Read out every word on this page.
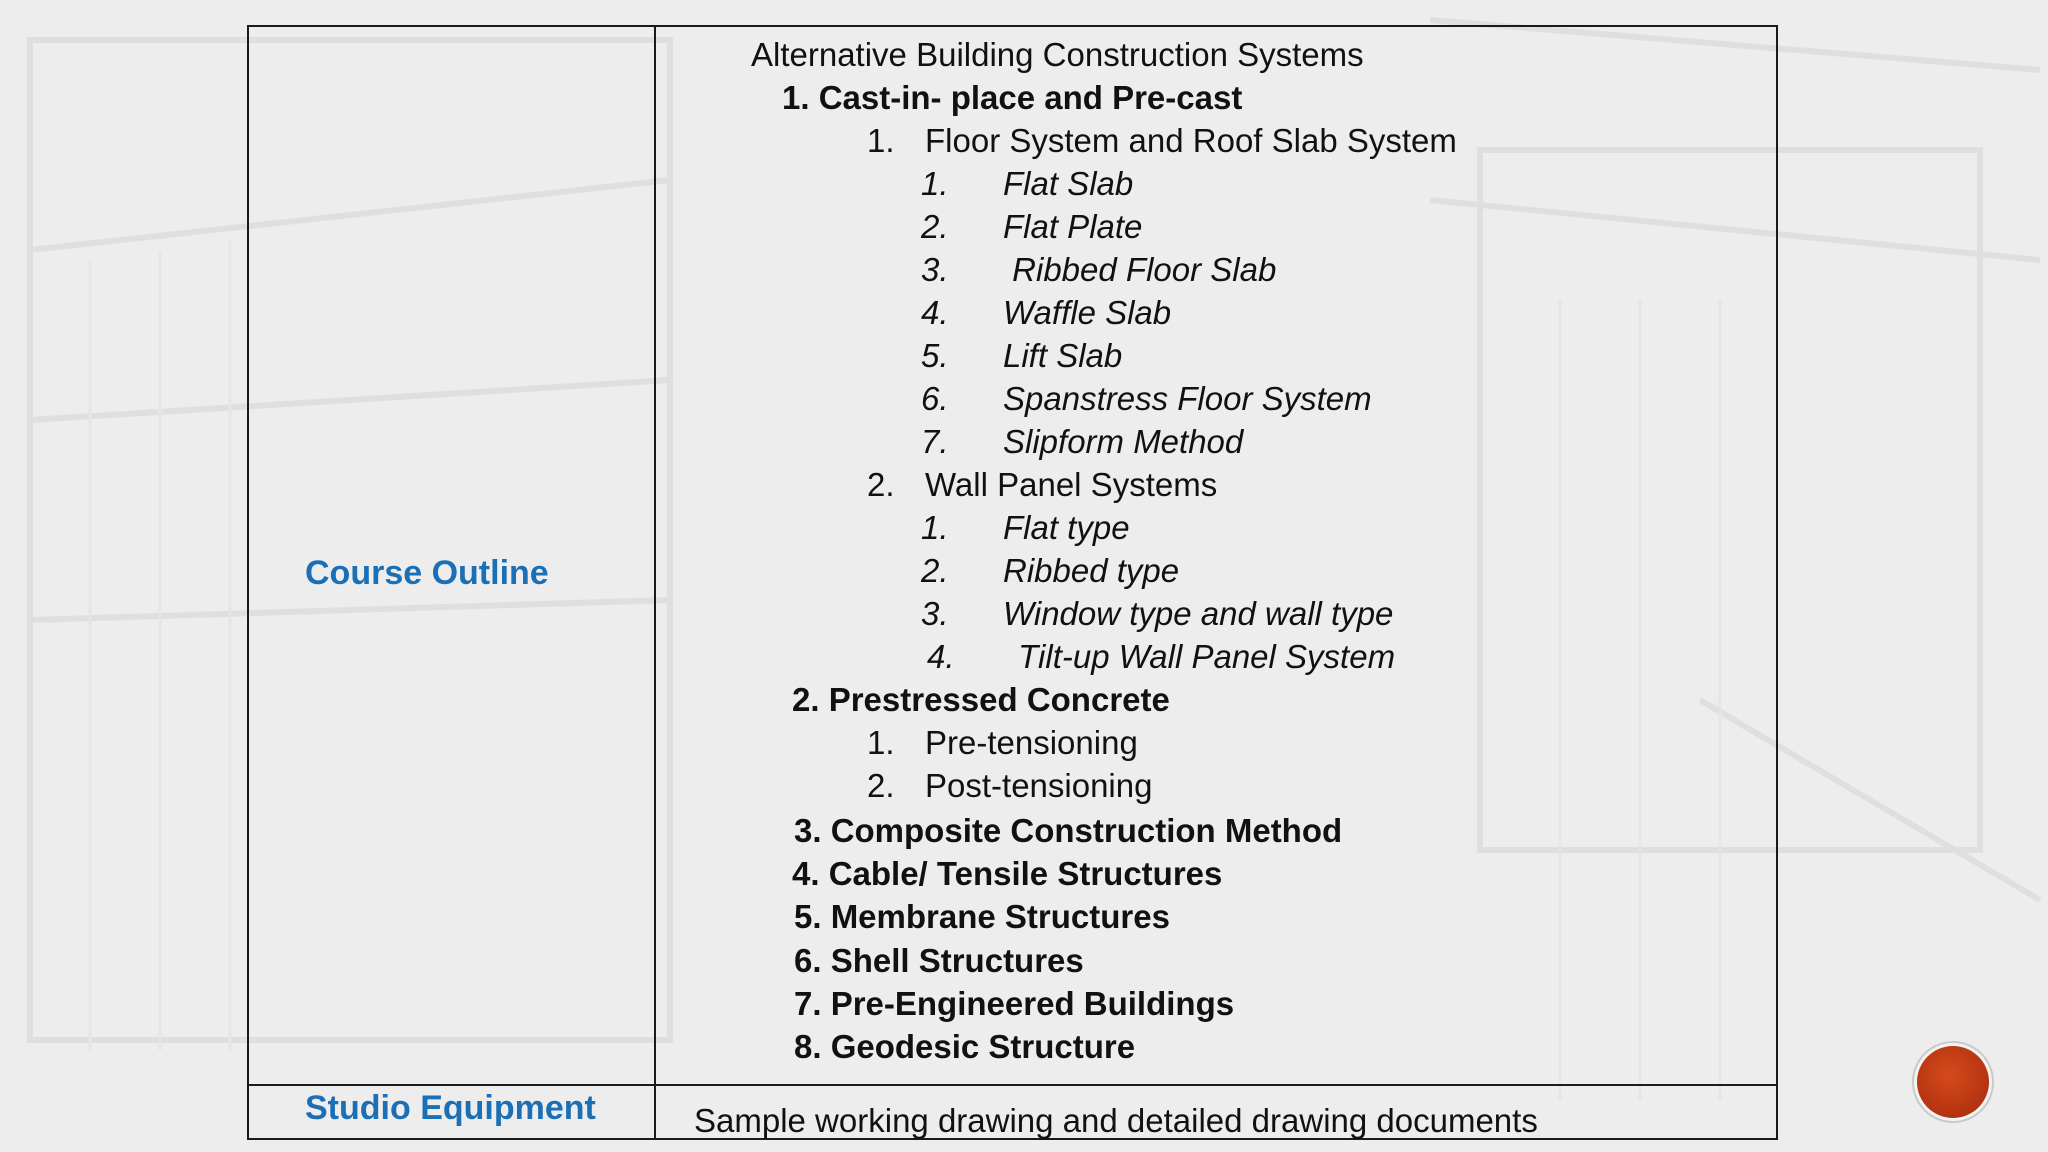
Course Outline
Studio Equipment
Alternative Building Construction Systems
1. Cast-in- place and Pre-cast
1. Floor System and Roof Slab System
1. Flat Slab
2. Flat Plate
3. Ribbed Floor Slab
4. Waffle Slab
5. Lift Slab
6. Spanstress Floor System
7. Slipform Method
2. Wall Panel Systems
1. Flat type
2. Ribbed type
3. Window type and wall type
4. Tilt-up Wall Panel System
2. Prestressed Concrete
1. Pre-tensioning
2. Post-tensioning
3. Composite Construction Method
4. Cable/ Tensile Structures
5. Membrane Structures
6. Shell Structures
7. Pre-Engineered Buildings
8. Geodesic Structure
Sample working drawing and detailed drawing documents
